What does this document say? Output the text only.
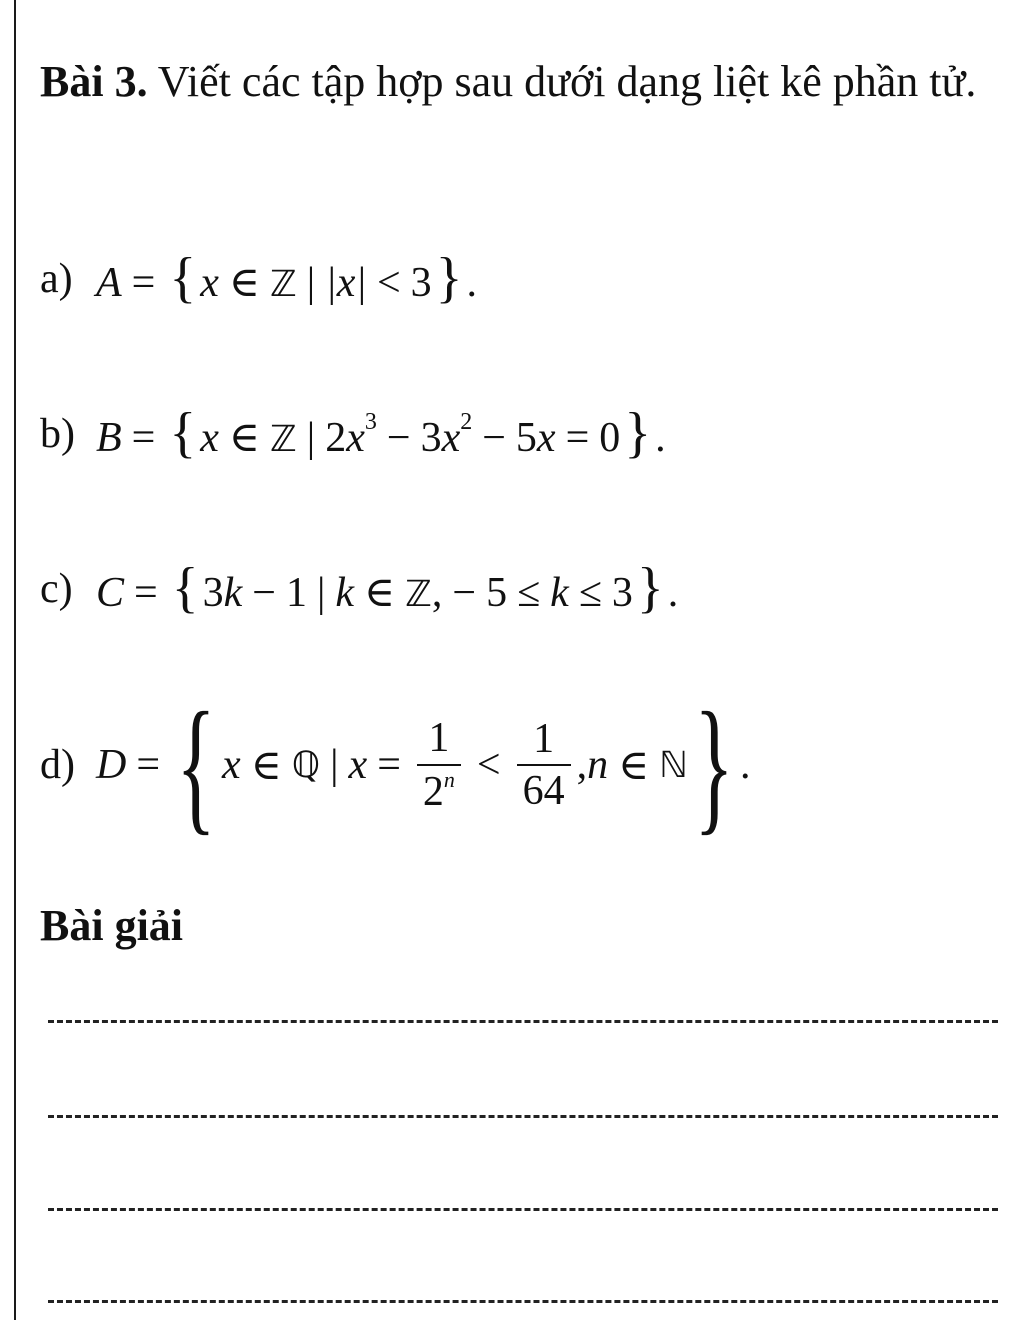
Bài 3. Viết các tập hợp sau dưới dạng liệt kê phần tử.
a) A = {x ∈ ℤ | |x| < 3}.
b) B = {x ∈ ℤ | $2x^3 - 3x^2 - 5x = 0$}.
c) C = {3k − 1 | k ∈ ℤ, − 5 ≤ k ≤ 3}.
d) D = { x ∈ ℚ | $x = \frac{1}{2^n} < \frac{1}{64}$ , n ∈ ℕ } .
Bài giải
